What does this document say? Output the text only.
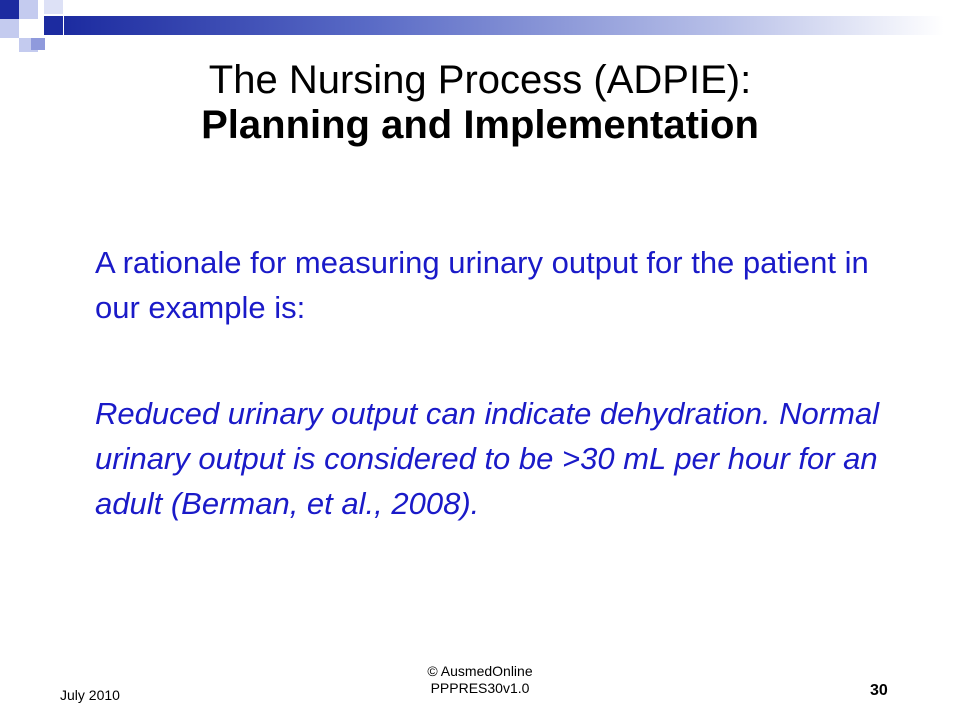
The Nursing Process (ADPIE):
Planning and Implementation
A rationale for measuring urinary output for the patient in our example is:
Reduced urinary output can indicate dehydration. Normal urinary output is considered to be >30 mL per hour for an adult (Berman, et al., 2008).
July 2010
© AusmedOnline
PPPRES30v1.0	30
